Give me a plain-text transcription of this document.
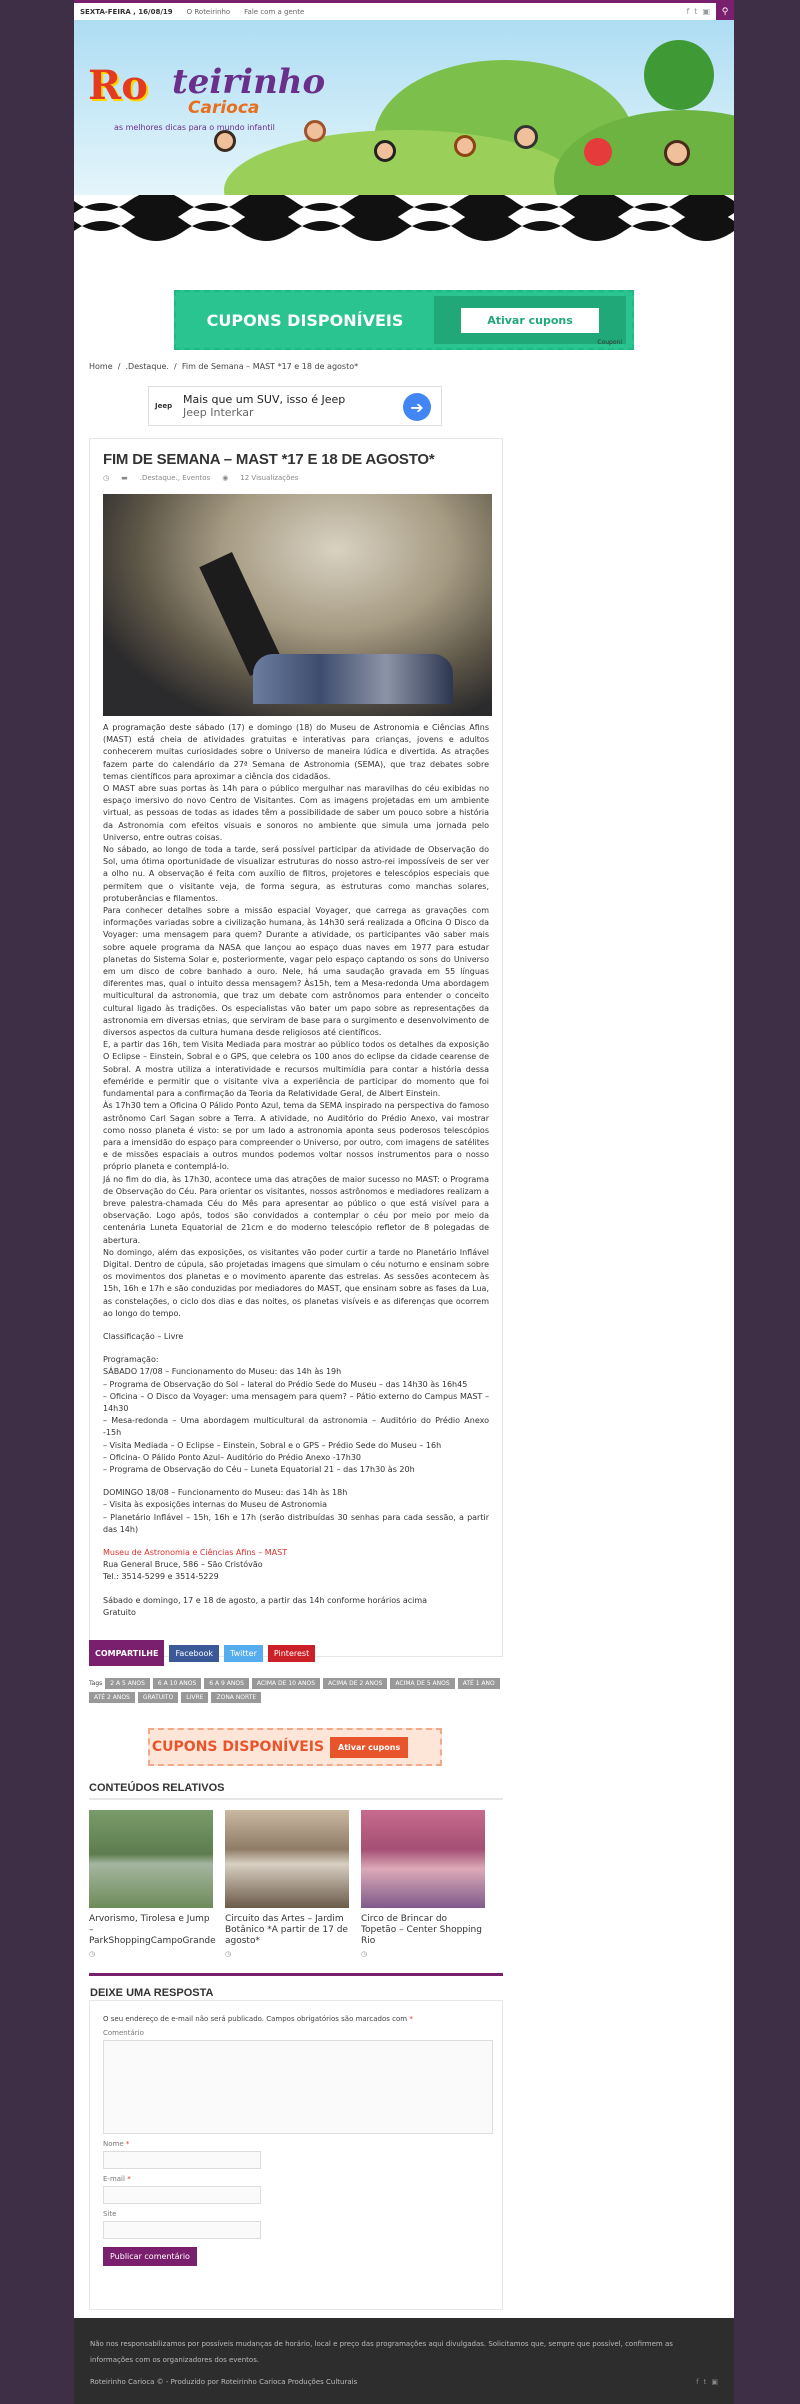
SEXTA-FEIRA , 16/08/19 O Roteirinho Fale com a gente	f t ▣	⚲
Ro teirinho
Carioca
as melhores dicas para o mundo infantil
CUPONS DISPONÍVEIS	Ativar cupons
Couponi
Home  /  .Destaque.  /  Fim de Semana – MAST *17 e 18 de agosto*
Jeep Mais que um SUV, isso é Jeep
Jeep Interkar	➔
FIM DE SEMANA – MAST *17 E 18 DE AGOSTO*
◷ ▬ .Destaque., Eventos ◉ 12 Visualizações

A programação deste sábado (17) e domingo (18) do Museu de Astronomia e Ciências Afins (MAST) está cheia de atividades gratuitas e interativas para crianças, jovens e adultos conhecerem muitas curiosidades sobre o Universo de maneira lúdica e divertida. As atrações fazem parte do calendário da 27ª Semana de Astronomia (SEMA), que traz debates sobre temas científicos para aproximar a ciência dos cidadãos.

O MAST abre suas portas às 14h para o público mergulhar nas maravilhas do céu exibidas no espaço imersivo do novo Centro de Visitantes. Com as imagens projetadas em um ambiente virtual, as pessoas de todas as idades têm a possibilidade de saber um pouco sobre a história da Astronomia com efeitos visuais e sonoros no ambiente que simula uma jornada pelo Universo, entre outras coisas.

No sábado, ao longo de toda a tarde, será possível participar da atividade de Observação do Sol, uma ótima oportunidade de visualizar estruturas do nosso astro-rei impossíveis de ser ver a olho nu. A observação é feita com auxílio de filtros, projetores e telescópios especiais que permitem que o visitante veja, de forma segura, as estruturas como manchas solares, protuberâncias e filamentos.

Para conhecer detalhes sobre a missão espacial Voyager, que carrega as gravações com informações variadas sobre a civilização humana, às 14h30 será realizada a Oficina O Disco da Voyager: uma mensagem para quem? Durante a atividade, os participantes vão saber mais sobre aquele programa da NASA que lançou ao espaço duas naves em 1977 para estudar planetas do Sistema Solar e, posteriormente, vagar pelo espaço captando os sons do Universo em um disco de cobre banhado a ouro. Nele, há uma saudação gravada em 55 línguas diferentes mas, qual o intuito dessa mensagem? Às15h, tem a Mesa-redonda Uma abordagem multicultural da astronomia, que traz um debate com astrônomos para entender o conceito cultural ligado às tradições. Os especialistas vão bater um papo sobre as representações da astronomia em diversas etnias, que serviram de base para o surgimento e desenvolvimento de diversos aspectos da cultura humana desde religiosos até científicos.

E, a partir das 16h, tem Visita Mediada para mostrar ao público todos os detalhes da exposição O Eclipse – Einstein, Sobral e o GPS, que celebra os 100 anos do eclipse da cidade cearense de Sobral. A mostra utiliza a interatividade e recursos multimídia para contar a história dessa efeméride e permitir que o visitante viva a experiência de participar do momento que foi fundamental para a confirmação da Teoria da Relatividade Geral, de Albert Einstein.

Às 17h30 tem a Oficina O Pálido Ponto Azul, tema da SEMA inspirado na perspectiva do famoso astrônomo Carl Sagan sobre a Terra. A atividade, no Auditório do Prédio Anexo, vai mostrar como nosso planeta é visto: se por um lado a astronomia aponta seus poderosos telescópios para a imensidão do espaço para compreender o Universo, por outro, com imagens de satélites e de missões espaciais a outros mundos podemos voltar nossos instrumentos para o nosso próprio planeta e contemplá-lo.

Já no fim do dia, às 17h30, acontece uma das atrações de maior sucesso no MAST: o Programa de Observação do Céu. Para orientar os visitantes, nossos astrônomos e mediadores realizam a breve palestra-chamada Céu do Mês para apresentar ao público o que está visível para a observação. Logo após, todos são convidados a contemplar o céu por meio por meio da centenária Luneta Equatorial de 21cm e do moderno telescópio refletor de 8 polegadas de abertura.

No domingo, além das exposições, os visitantes vão poder curtir a tarde no Planetário Inflável Digital. Dentro de cúpula, são projetadas imagens que simulam o céu noturno e ensinam sobre os movimentos dos planetas e o movimento aparente das estrelas. As sessões acontecem às 15h, 16h e 17h e são conduzidas por mediadores do MAST, que ensinam sobre as fases da Lua, as constelações, o ciclo dos dias e das noites, os planetas visíveis e as diferenças que ocorrem ao longo do tempo.

Classificação – Livre

Programação:

SÁBADO 17/08 – Funcionamento do Museu: das 14h às 19h

– Programa de Observação do Sol – lateral do Prédio Sede do Museu – das 14h30 às 16h45

– Oficina – O Disco da Voyager: uma mensagem para quem? – Pátio externo do Campus MAST – 14h30

– Mesa-redonda – Uma abordagem multicultural da astronomia – Auditório do Prédio Anexo -15h

– Visita Mediada – O Eclipse – Einstein, Sobral e o GPS – Prédio Sede do Museu – 16h

– Oficina- O Pálido Ponto Azul– Auditório do Prédio Anexo -17h30

– Programa de Observação do Céu – Luneta Equatorial 21 – das 17h30 às 20h

DOMINGO 18/08 – Funcionamento do Museu: das 14h às 18h

– Visita às exposições internas do Museu de Astronomia

– Planetário Inflável – 15h, 16h e 17h (serão distribuídas 30 senhas para cada sessão, a partir das 14h)

Museu de Astronomia e Ciências Afins – MAST

Rua General Bruce, 586 – São Cristóvão

Tel.: 3514-5299 e 3514-5229

Sábado e domingo, 17 e 18 de agosto, a partir das 14h conforme horários acima

Gratuito

COMPARTILHE	Facebook	Twitter	Pinterest
Tags	2 A 5 ANOS	6 A 10 ANOS	6 A 9 ANOS	ACIMA DE 10 ANOS	ACIMA DE 2 ANOS	ACIMA DE 5 ANOS	ATÉ 1 ANO
ATÉ 2 ANOS	GRATUITO	LIVRE	ZONA NORTE
CUPONS DISPONÍVEIS	Ativar cupons
CONTEÚDOS RELATIVOS
Arvorismo, Tirolesa e Jump – ParkShoppingCampoGrande
◷
Circuito das Artes – Jardim Botânico *A partir de 17 de agosto*
◷
Circo de Brincar do Topetão – Center Shopping Rio
◷
DEIXE UMA RESPOSTA
O seu endereço de e-mail não será publicado. Campos obrigatórios são marcados com *
Comentário
Nome *
E-mail *
Site
Publicar comentário
Não nos responsabilizamos por possíveis mudanças de horário, local e preço das programações aqui divulgadas. Solicitamos que, sempre que possível, confirmem as informações com os organizadores dos eventos.
Roteirinho Carioca © - Produzido por Roteirinho Carioca Produções Culturais	f t ▣
